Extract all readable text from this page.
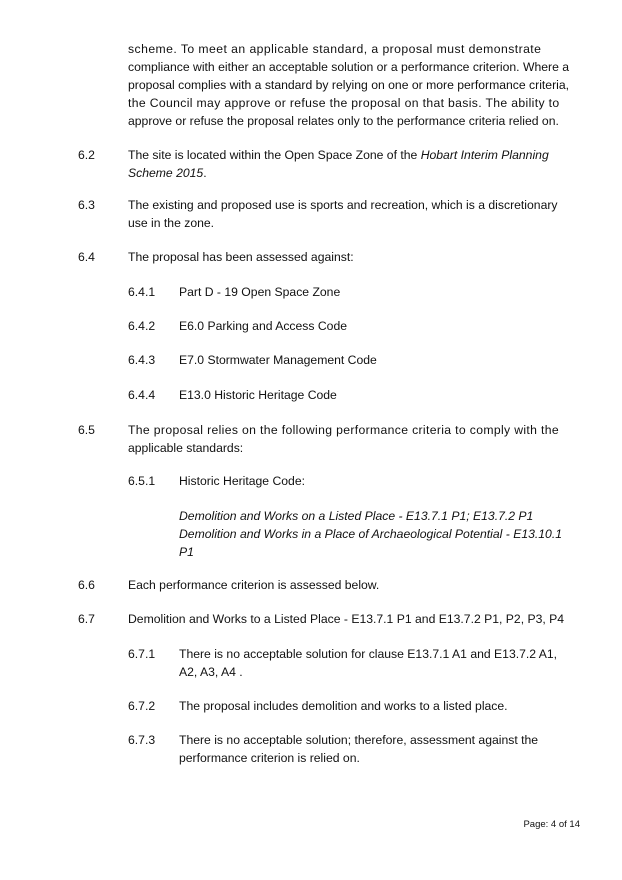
scheme. To meet an applicable standard, a proposal must demonstrate
compliance with either an acceptable solution or a performance criterion. Where a
proposal complies with a standard by relying on one or more performance criteria,
the Council may approve or refuse the proposal on that basis. The ability to
approve or refuse the proposal relates only to the performance criteria relied on.
6.2	The site is located within the Open Space Zone of the Hobart Interim Planning Scheme 2015.
6.3	The existing and proposed use is sports and recreation, which is a discretionary
use in the zone.
6.4	The proposal has been assessed against:
6.4.1 Part D - 19 Open Space Zone
6.4.2 E6.0 Parking and Access Code
6.4.3 E7.0 Stormwater Management Code
6.4.4 E13.0 Historic Heritage Code
6.5	The proposal relies on the following performance criteria to comply with the
applicable standards:
6.5.1 Historic Heritage Code:
Demolition and Works on a Listed Place - E13.7.1 P1; E13.7.2 P1
Demolition and Works in a Place of Archaeological Potential - E13.10.1
P1
6.6	Each performance criterion is assessed below.
6.7	Demolition and Works to a Listed Place - E13.7.1 P1 and E13.7.2 P1, P2, P3, P4
6.7.1 There is no acceptable solution for clause E13.7.1 A1 and E13.7.2 A1,
A2, A3, A4 .
6.7.2 The proposal includes demolition and works to a listed place.
6.7.3 There is no acceptable solution; therefore, assessment against the
performance criterion is relied on.
Page: 4 of 14
